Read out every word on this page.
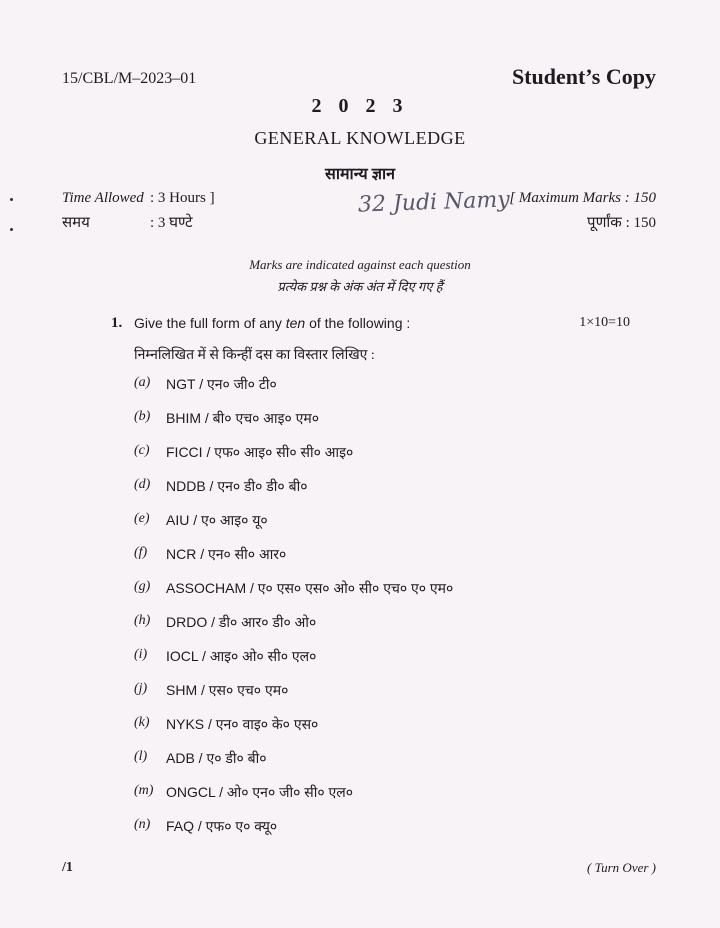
15/CBL/M–2023–01	Student’s Copy
2 0 2 3
GENERAL KNOWLEDGE
सामान्य ज्ञान
Time Allowed : 3 Hours ]
समय	: 3 घण्टे
32 Judi Namy [ Maximum Marks : 150
पूर्णांक : 150
Marks are indicated against each question
प्रत्येक प्रश्न के अंक अंत में दिए गए हैं
1. Give the full form of any ten of the following :	1×10=10
निम्नलिखित में से किन्हीं दस का विस्तार लिखिए :
(a)	NGT / एन० जी० टी०
(b)	BHIM / बी० एच० आइ० एम०
(c)	FICCI / एफ० आइ० सी० सी० आइ०
(d)	NDDB / एन० डी० डी० बी०
(e)	AIU / ए० आइ० यू०
(f)	NCR / एन० सी० आर०
(g)	ASSOCHAM / ए० एस० एस० ओ० सी० एच० ए० एम०
(h)	DRDO / डी० आर० डी० ओ०
(i)	IOCL / आइ० ओ० सी० एल०
(j)	SHM / एस० एच० एम०
(k)	NYKS / एन० वाइ० के० एस०
(l)	ADB / ए० डी० बी०
(m) ONGCL / ओ० एन० जी० सी० एल०
(n)	FAQ / एफ० ए० क्यू०
/1	( Turn Over )
